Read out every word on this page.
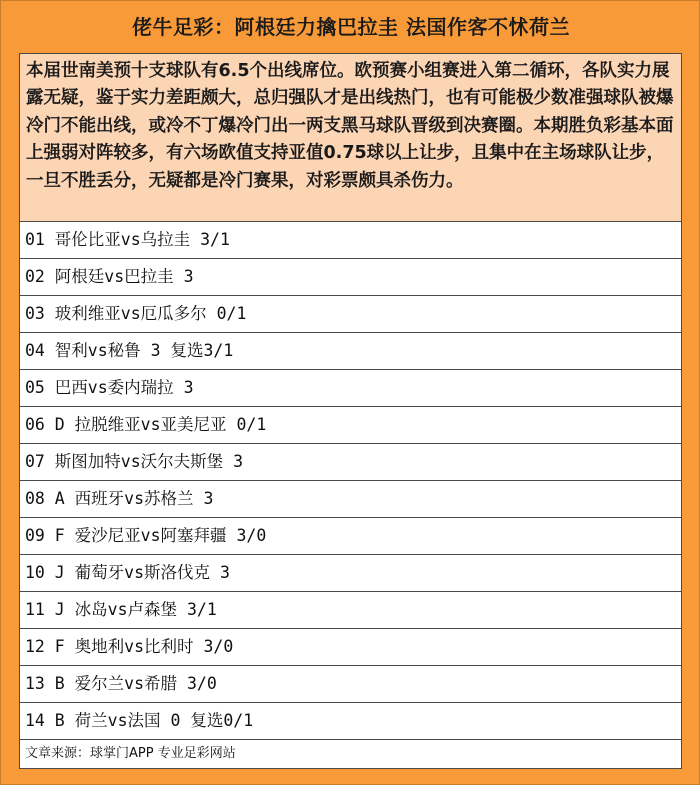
佬牛足彩：阿根廷力擒巴拉圭 法国作客不怵荷兰
本届世南美预十支球队有6.5个出线席位。欧预赛小组赛进入第二循环，各队实力展露无疑，鉴于实力差距颇大，总归强队才是出线热门，也有可能极少数准强球队被爆冷门不能出线，或冷不丁爆冷门出一两支黑马球队晋级到决赛圈。本期胜负彩基本面上强弱对阵较多，有六场欧值支持亚值0.75球以上让步，且集中在主场球队让步，一旦不胜丢分，无疑都是冷门赛果，对彩票颇具杀伤力。
01 哥伦比亚vs乌拉圭 3/1
02 阿根廷vs巴拉圭 3
03 玻利维亚vs厄瓜多尔 0/1
04 智利vs秘鲁 3 复选3/1
05 巴西vs委内瑞拉 3
06 D 拉脱维亚vs亚美尼亚 0/1
07 斯图加特vs沃尔夫斯堡 3
08 A 西班牙vs苏格兰 3
09 F 爱沙尼亚vs阿塞拜疆 3/0
10 J 葡萄牙vs斯洛伐克 3
11 J 冰岛vs卢森堡 3/1
12 F 奥地利vs比利时 3/0
13 B 爱尔兰vs希腊 3/0
14 B 荷兰vs法国 0 复选0/1
文章来源：球掌门APP 专业足彩网站
